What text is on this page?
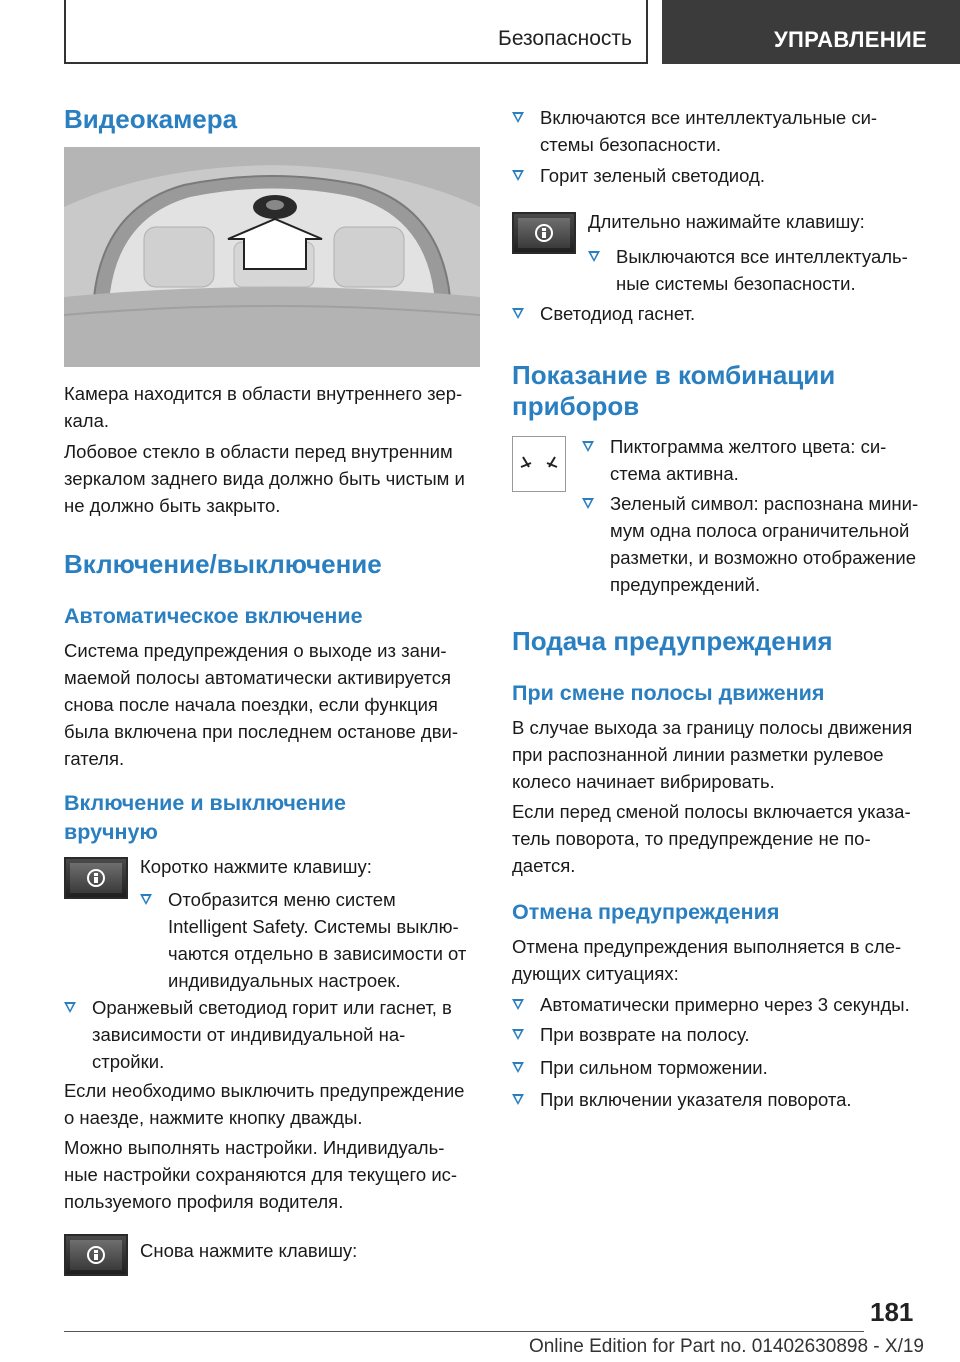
Безопасность	УПРАВЛЕНИЕ
Видеокамера
Камера находится в области внутреннего зер-
кала.
Лобовое стекло в области перед внутренним
зеркалом заднего вида должно быть чистым и
не должно быть закрыто.
Включение/выключение
Автоматическое включение
Система предупреждения о выходе из зани-
маемой полосы автоматически активируется
снова после начала поездки, если функция
была включена при последнем останове дви-
гателя.
Включение и выключение
вручную
Коротко нажмите клавишу:
Отобразится меню систем
Intelligent Safety. Системы выклю-
чаются отдельно в зависимости от
индивидуальных настроек.
Оранжевый светодиод горит или гаснет, в
зависимости от индивидуальной на-
стройки.
Если необходимо выключить предупреждение
о наезде, нажмите кнопку дважды.
Можно выполнять настройки. Индивидуаль-
ные настройки сохраняются для текущего ис-
пользуемого профиля водителя.
Снова нажмите клавишу:
Включаются все интеллектуальные си-
стемы безопасности.
Горит зеленый светодиод.
Длительно нажимайте клавишу:
Выключаются все интеллектуаль-
ные системы безопасности.
Светодиод гаснет.
Показание в комбинации
приборов
Пиктограмма желтого цвета: си-
стема активна.
Зеленый символ: распознана мини-
мум одна полоса ограничительной
разметки, и возможно отображение
предупреждений.
Подача предупреждения
При смене полосы движения
В случае выхода за границу полосы движения
при распознанной линии разметки рулевое
колесо начинает вибрировать.
Если перед сменой полосы включается указа-
тель поворота, то предупреждение не по-
дается.
Отмена предупреждения
Отмена предупреждения выполняется в сле-
дующих ситуациях:
Автоматически примерно через 3 секунды.
При возврате на полосу.
При сильном торможении.
При включении указателя поворота.
181
Online Edition for Part no. 01402630898 - X/19
